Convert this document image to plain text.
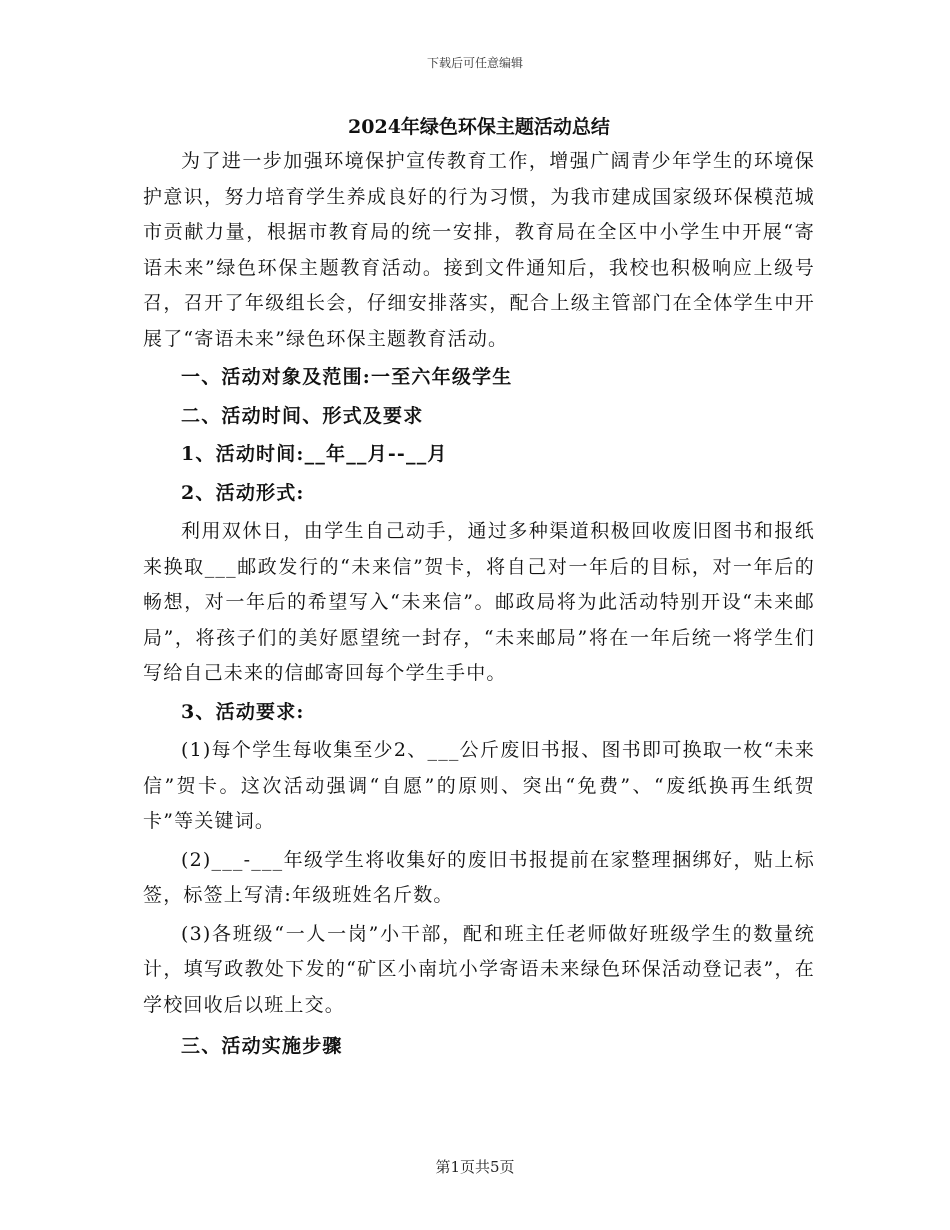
下载后可任意编辑
2024年绿色环保主题活动总结

为了进一步加强环境保护宣传教育工作，增强广阔青少年学生的环境保护意识，努力培育学生养成良好的行为习惯，为我市建成国家级环保模范城市贡献力量，根据市教育局的统一安排，教育局在全区中小学生中开展“寄语未来”绿色环保主题教育活动。接到文件通知后，我校也积极响应上级号召，召开了年级组长会，仔细安排落实，配合上级主管部门在全体学生中开展了“寄语未来”绿色环保主题教育活动。

一、活动对象及范围:一至六年级学生
二、活动时间、形式及要求
1、活动时间:__年__月--__月
2、活动形式:

利用双休日，由学生自己动手，通过多种渠道积极回收废旧图书和报纸来换取___邮政发行的“未来信”贺卡，将自己对一年后的目标，对一年后的畅想，对一年后的希望写入“未来信”。邮政局将为此活动特别开设“未来邮局”，将孩子们的美好愿望统一封存，“未来邮局”将在一年后统一将学生们写给自己未来的信邮寄回每个学生手中。

3、活动要求:

(1)每个学生每收集至少2、___公斤废旧书报、图书即可换取一枚“未来信”贺卡。这次活动强调“自愿”的原则、突出“免费”、“废纸换再生纸贺卡”等关键词。

(2)___-___年级学生将收集好的废旧书报提前在家整理捆绑好，贴上标签，标签上写清:年级班姓名斤数。

(3)各班级“一人一岗”小干部，配和班主任老师做好班级学生的数量统计，填写政教处下发的“矿区小南坑小学寄语未来绿色环保活动登记表”，在学校回收后以班上交。

三、活动实施步骤
第1页共5页
